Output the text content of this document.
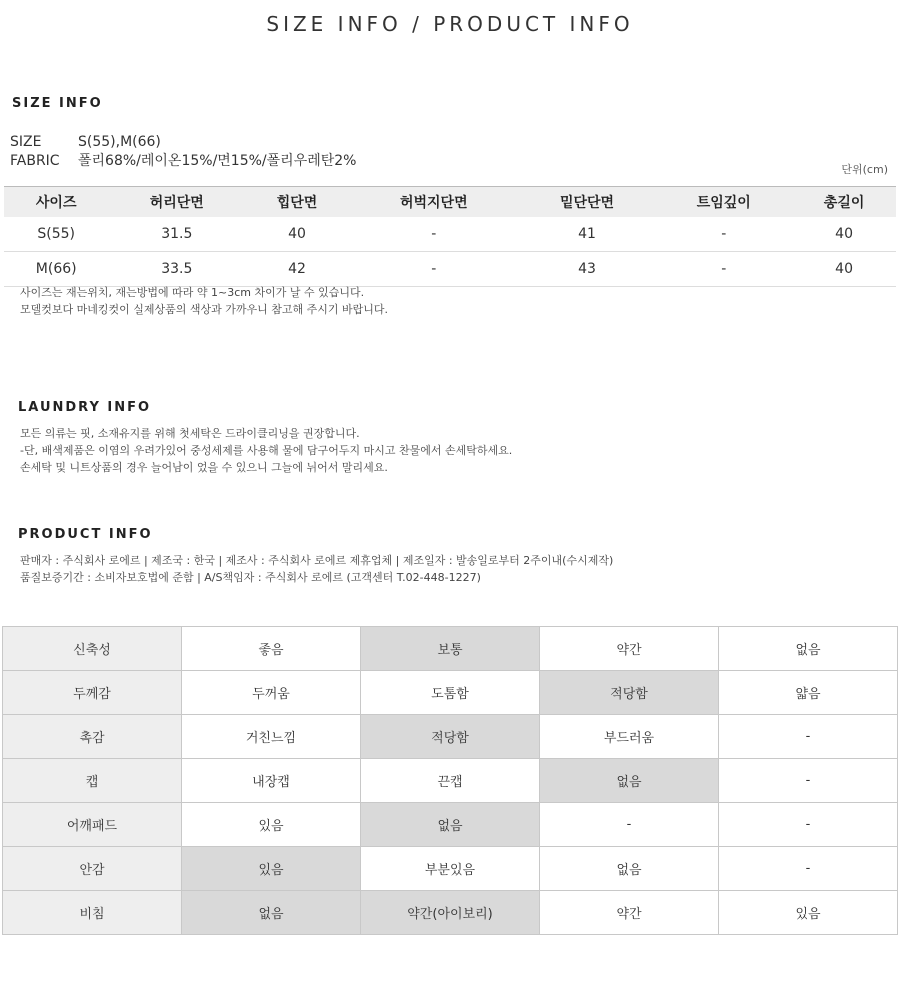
SIZE INFO / PRODUCT INFO
SIZE INFO
SIZE	S(55),M(66)
FABRIC 폴리68%/레이온15%/면15%/폴리우레탄2%
단위(cm)
사이즈	허리단면	힙단면	허벅지단면	밑단단면	트임깊이	총길이
S(55)	31.5	40	-	41	-	40
M(66)	33.5	42	-	43	-	40
사이즈는 재는위치, 재는방법에 따라 약 1~3cm 차이가 날 수 있습니다.
모델컷보다 마네킹컷이 실제상품의 색상과 가까우니 참고해 주시기 바랍니다.
LAUNDRY INFO
모든 의류는 핏, 소재유지를 위해 첫세탁은 드라이클리닝을 권장합니다.
-단, 배색제품은 이염의 우려가있어 중성세제를 사용해 물에 담구어두지 마시고 찬물에서 손세탁하세요.
손세탁 및 니트상품의 경우 늘어남이 었을 수 있으니 그늘에 뉘어서 말리세요.
PRODUCT INFO
판매자 : 주식회사 로에르 | 제조국 : 한국 | 제조사 : 주식회사 로에르 제휴업체 | 제조일자 : 발송일로부터 2주이내(수시제작)
품질보증기간 : 소비자보호법에 준함 | A/S책임자 : 주식회사 로에르 (고객센터 T.02-448-1227)
신축성	좋음	보통	약간	없음
두께감	두꺼움	도톰함	적당함	얇음
촉감	거친느낌	적당함	부드러움	-
캡	내장캡	끈캡	없음	-
어깨패드	있음	없음	-	-
안감	있음	부분있음	없음	-
비침	없음	약간(아이보리)	약간	있음
